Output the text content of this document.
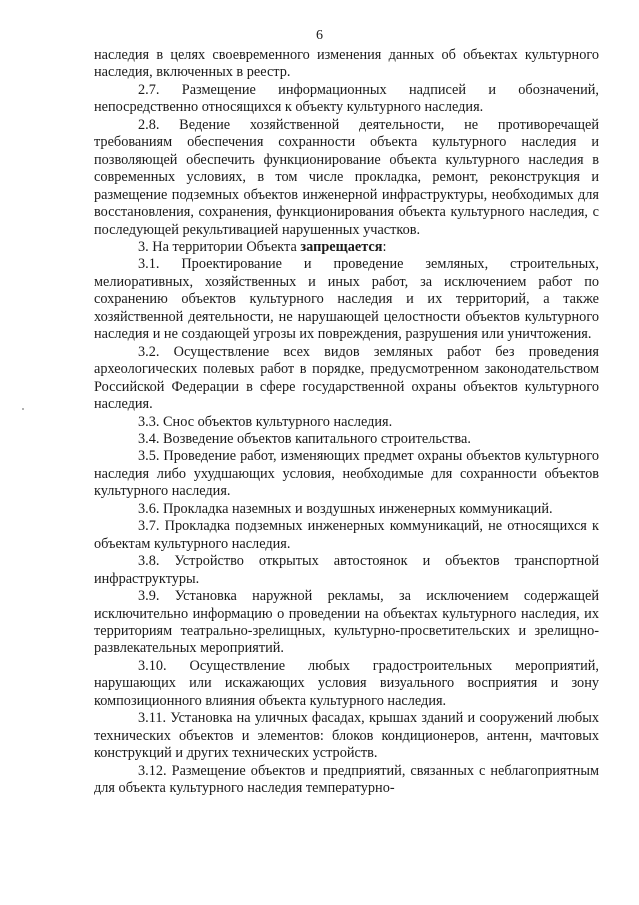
6

наследия в целях своевременного изменения данных об объектах культурного наследия, включенных в реестр.

2.7. Размещение информационных надписей и обозначений, непосредственно относящихся к объекту культурного наследия.

2.8. Ведение хозяйственной деятельности, не противоречащей требованиям обеспечения сохранности объекта культурного наследия и позволяющей обеспечить функционирование объекта культурного наследия в современных условиях, в том числе прокладка, ремонт, реконструкция и размещение подземных объектов инженерной инфраструктуры, необходимых для восстановления, сохранения, функционирования объекта культурного наследия, с последующей рекультивацией нарушенных участков.

3. На территории Объекта запрещается:

3.1. Проектирование и проведение земляных, строительных, мелиоративных, хозяйственных и иных работ, за исключением работ по сохранению объектов культурного наследия и их территорий, а также хозяйственной деятельности, не нарушающей целостности объектов культурного наследия и не создающей угрозы их повреждения, разрушения или уничтожения.

3.2. Осуществление всех видов земляных работ без проведения археологических полевых работ в порядке, предусмотренном законодательством Российской Федерации в сфере государственной охраны объектов культурного наследия.

3.3. Снос объектов культурного наследия.

3.4. Возведение объектов капитального строительства.

3.5. Проведение работ, изменяющих предмет охраны объектов культурного наследия либо ухудшающих условия, необходимые для сохранности объектов культурного наследия.

3.6. Прокладка наземных и воздушных инженерных коммуникаций.

3.7. Прокладка подземных инженерных коммуникаций, не относящихся к объектам культурного наследия.

3.8. Устройство открытых автостоянок и объектов транспортной инфраструктуры.

3.9. Установка наружной рекламы, за исключением содержащей исключительно информацию о проведении на объектах культурного наследия, их территориям театрально-зрелищных, культурно-просветительских и зрелищно-развлекательных мероприятий.

3.10. Осуществление любых градостроительных мероприятий, нарушающих или искажающих условия визуального восприятия и зону композиционного влияния объекта культурного наследия.

3.11. Установка на уличных фасадах, крышах зданий и сооружений любых технических объектов и элементов: блоков кондиционеров, антенн, мачтовых конструкций и других технических устройств.

3.12. Размещение объектов и предприятий, связанных с неблагоприятным для объекта культурного наследия температурно-
